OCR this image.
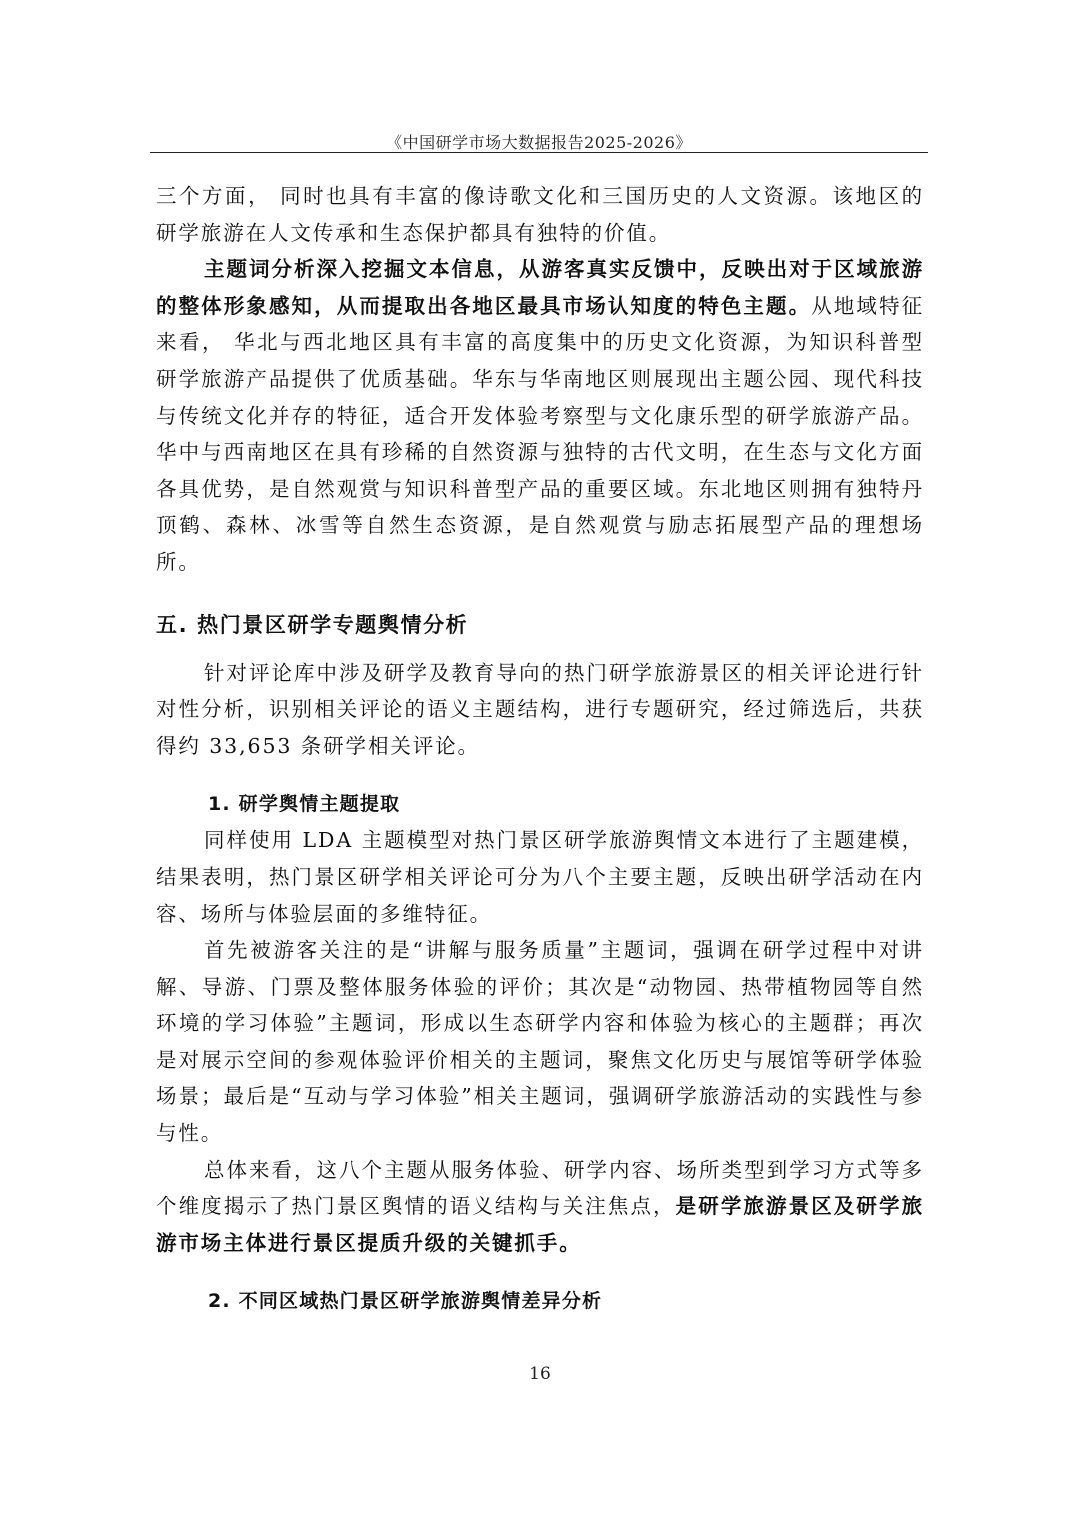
《中国研学市场大数据报告2025-2026》

三个方面， 同时也具有丰富的像诗歌文化和三国历史的人文资源。该地区的研学旅游在人文传承和生态保护都具有独特的价值。

主题词分析深入挖掘文本信息，从游客真实反馈中，反映出对于区域旅游的整体形象感知，从而提取出各地区最具市场认知度的特色主题。从地域特征来看， 华北与西北地区具有丰富的高度集中的历史文化资源，为知识科普型研学旅游产品提供了优质基础。华东与华南地区则展现出主题公园、现代科技与传统文化并存的特征，适合开发体验考察型与文化康乐型的研学旅游产品。华中与西南地区在具有珍稀的自然资源与独特的古代文明，在生态与文化方面各具优势，是自然观赏与知识科普型产品的重要区域。东北地区则拥有独特丹顶鹤、森林、冰雪等自然生态资源，是自然观赏与励志拓展型产品的理想场所。

五. 热门景区研学专题舆情分析

针对评论库中涉及研学及教育导向的热门研学旅游景区的相关评论进行针对性分析，识别相关评论的语义主题结构，进行专题研究，经过筛选后，共获得约 33,653 条研学相关评论。

1. 研学舆情主题提取

同样使用 LDA 主题模型对热门景区研学旅游舆情文本进行了主题建模，结果表明，热门景区研学相关评论可分为八个主要主题，反映出研学活动在内容、场所与体验层面的多维特征。

首先被游客关注的是“讲解与服务质量”主题词，强调在研学过程中对讲解、导游、门票及整体服务体验的评价；其次是“动物园、热带植物园等自然环境的学习体验”主题词，形成以生态研学内容和体验为核心的主题群；再次是对展示空间的参观体验评价相关的主题词，聚焦文化历史与展馆等研学体验场景；最后是“互动与学习体验”相关主题词，强调研学旅游活动的实践性与参与性。

总体来看，这八个主题从服务体验、研学内容、场所类型到学习方式等多个维度揭示了热门景区舆情的语义结构与关注焦点，是研学旅游景区及研学旅游市场主体进行景区提质升级的关键抓手。

2. 不同区域热门景区研学旅游舆情差异分析
16
